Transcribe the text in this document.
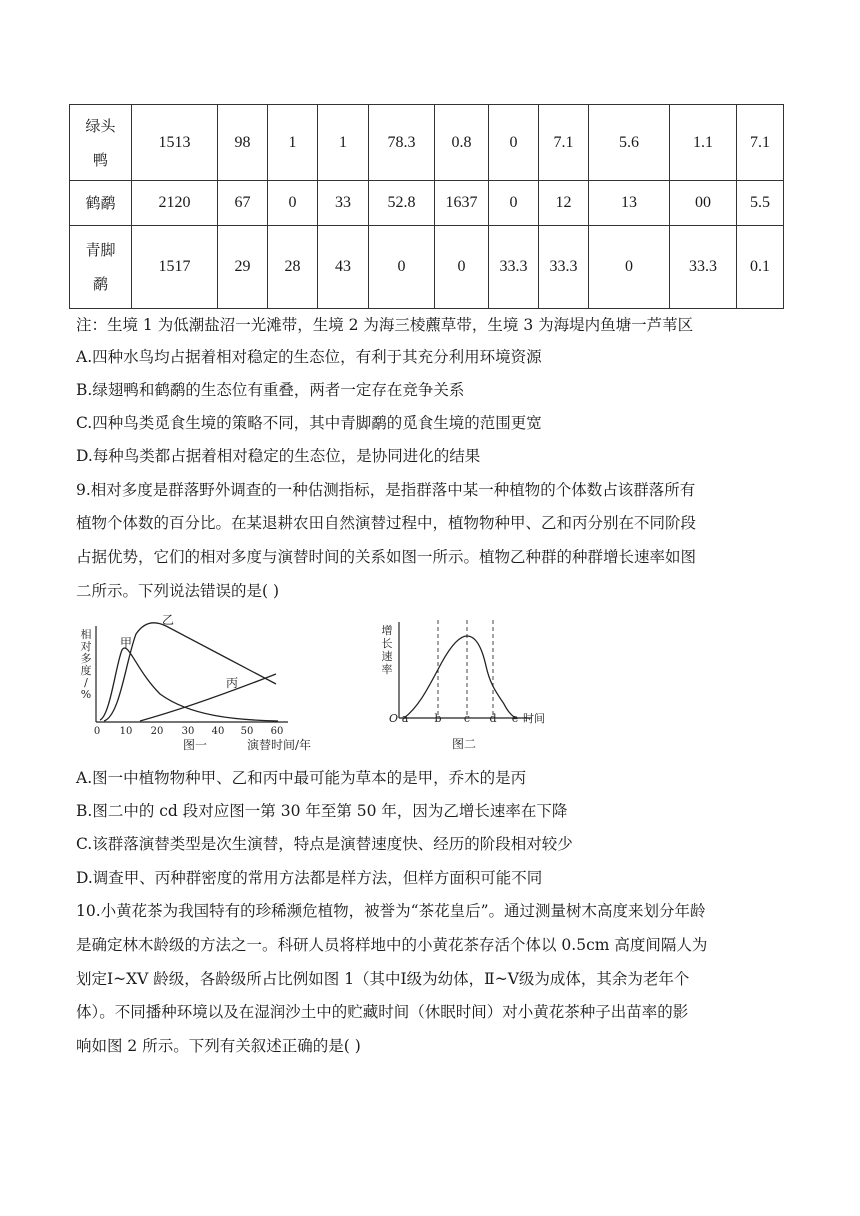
绿头
鸭	1513	98	1	1	78.3	0.8	0	7.1	5.6	1.1	7.1
鹤鹬	2120	67	0	33	52.8	1637	0	12	13	00	5.5
青脚
鹬	1517	29	28	43	0	0	33.3	33.3	0	33.3	0.1
注：生境 1 为低潮盐沼一光滩带，生境 2 为海三棱藨草带，生境 3 为海堤内鱼塘一芦苇区
A.四种水鸟均占据着相对稳定的生态位，有利于其充分利用环境资源
B.绿翅鸭和鹤鹬的生态位有重叠，两者一定存在竞争关系
C.四种鸟类觅食生境的策略不同，其中青脚鹬的觅食生境的范围更宽
D.每种鸟类都占据着相对稳定的生态位，是协同进化的结果
9.相对多度是群落野外调查的一种估测指标，是指群落中某一种植物的个体数占该群落所有
植物个体数的百分比。在某退耕农田自然演替过程中，植物物种甲、乙和丙分别在不同阶段
占据优势，它们的相对多度与演替时间的关系如图一所示。植物乙种群的种群增长速率如图
二所示。下列说法错误的是( )
相
对
多
度
/
%
0 10 20 30 40 50 60
甲
乙
丙
图一	演替时间/年
增
长
速
率
O a b c d e 时间
图二
A.图一中植物物种甲、乙和丙中最可能为草本的是甲，乔木的是丙
B.图二中的 cd 段对应图一第 30 年至第 50 年，因为乙增长速率在下降
C.该群落演替类型是次生演替，特点是演替速度快、经历的阶段相对较少
D.调查甲、丙种群密度的常用方法都是样方法，但样方面积可能不同
10.小黄花茶为我国特有的珍稀濒危植物，被誉为“茶花皇后”。通过测量树木高度来划分年龄
是确定林木龄级的方法之一。科研人员将样地中的小黄花茶存活个体以 0.5cm 高度间隔人为
划定Ⅰ~XV 龄级，各龄级所占比例如图 1（其中Ⅰ级为幼体，Ⅱ~Ⅴ级为成体，其余为老年个
体）。不同播种环境以及在湿润沙土中的贮藏时间（休眠时间）对小黄花茶种子出苗率的影
响如图 2 所示。下列有关叙述正确的是( )
